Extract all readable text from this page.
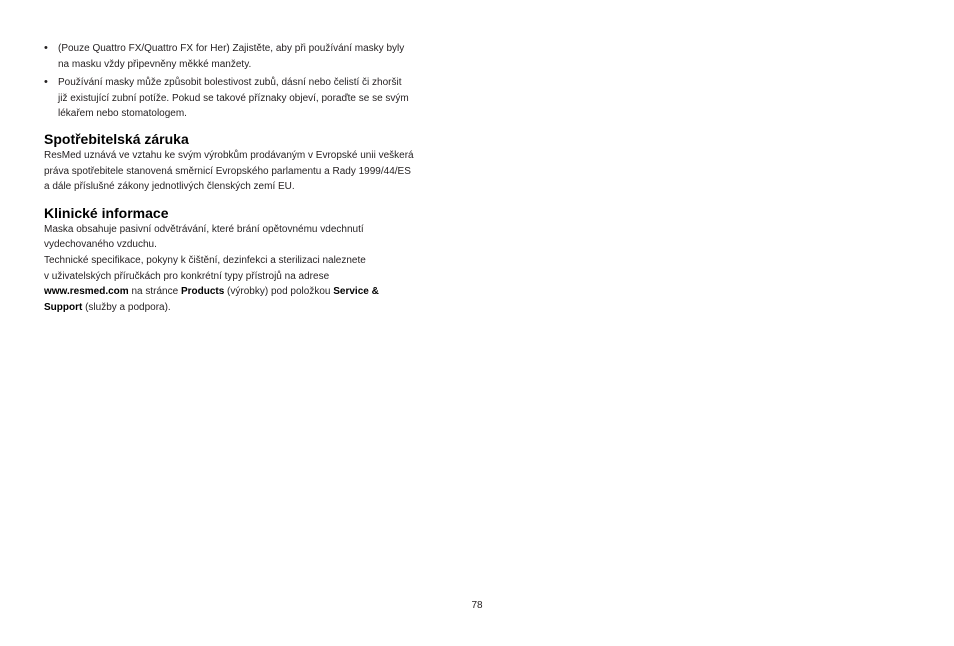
• (Pouze Quattro FX/Quattro FX for Her) Zajistěte, aby při používání masky byly
na masku vždy připevněny měkké manžety.
• Používání masky může způsobit bolestivost zubů, dásní nebo čelistí či zhoršit
již existující zubní potíže. Pokud se takové příznaky objeví, poraďte se se svým
lékařem nebo stomatologem.
Spotřebitelská záruka

ResMed uznává ve vztahu ke svým výrobkům prodávaným v Evropské unii veškerá
práva spotřebitele stanovená směrnicí Evropského parlamentu a Rady 1999/44/ES
a dále příslušné zákony jednotlivých členských zemí EU.

Klinické informace

Maska obsahuje pasivní odvětrávání, které brání opětovnému vdechnutí
vydechovaného vzduchu.

Technické specifikace, pokyny k čištění, dezinfekci a sterilizaci naleznete
v uživatelských příručkách pro konkrétní typy přístrojů na adrese
www.resmed.com na stránce Products (výrobky) pod položkou Service &
Support (služby a podpora).

78
